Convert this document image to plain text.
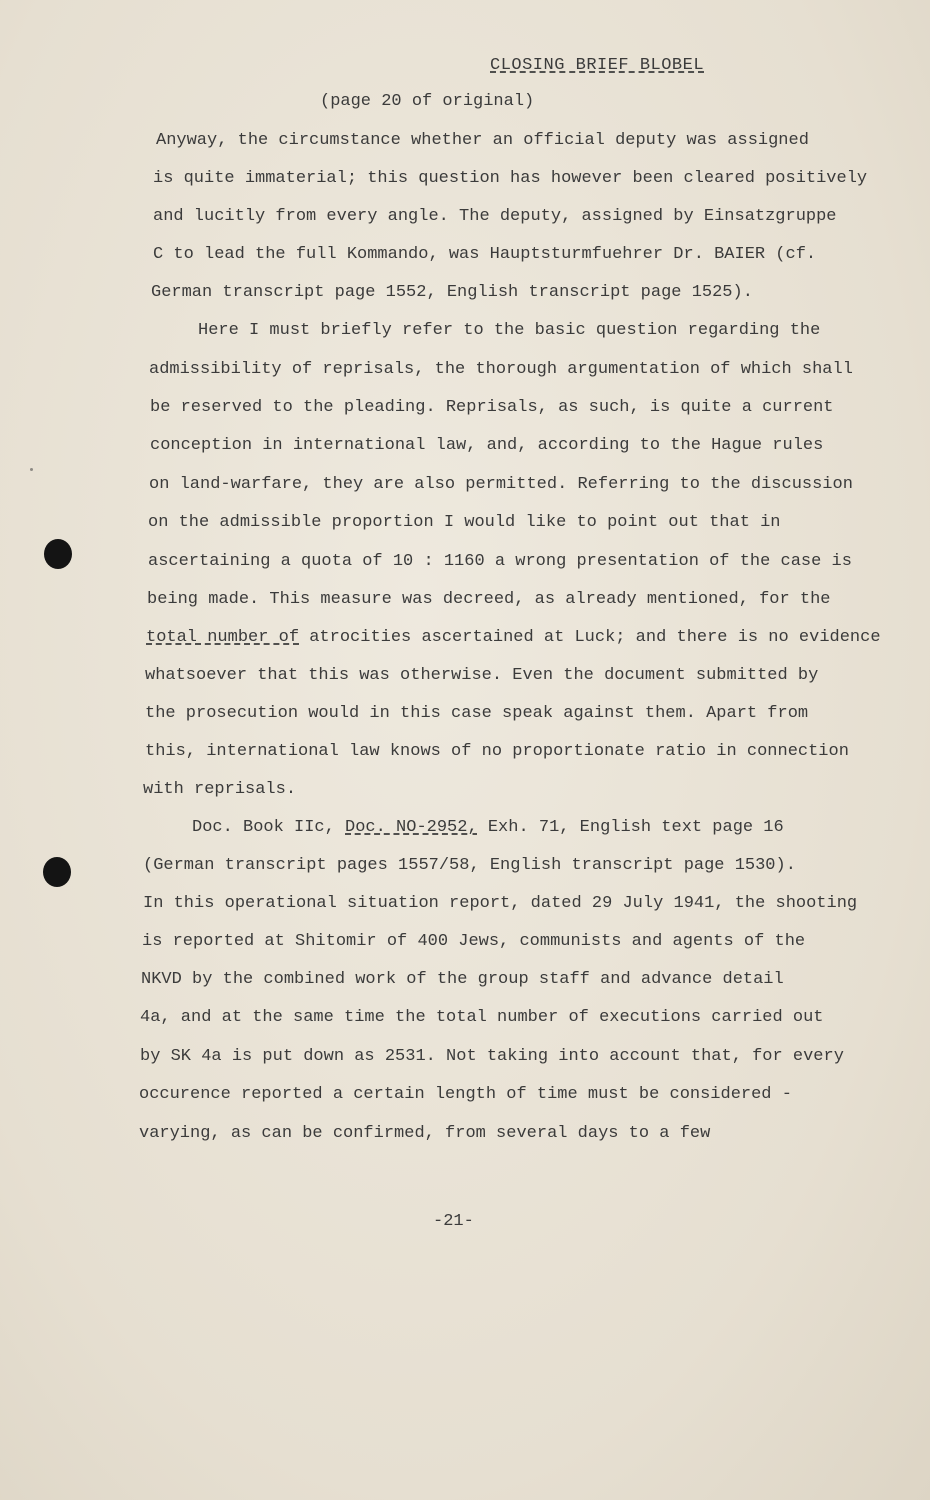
CLOSING BRIEF BLOBEL
(page 20 of original)
Anyway, the circumstance whether an official deputy was assigned
is quite immaterial; this question has however been cleared positively
and lucitly from every angle. The deputy, assigned by Einsatzgruppe
C to lead the full Kommando, was Hauptsturmfuehrer Dr. BAIER (cf.
German transcript page 1552, English transcript page 1525).
Here I must briefly refer to the basic question regarding the
admissibility of reprisals, the thorough argumentation of which shall
be reserved to the pleading. Reprisals, as such, is quite a current
conception in international law, and, according to the Hague rules
on land-warfare, they are also permitted. Referring to the discussion
on the admissible proportion I would like to point out that in
ascertaining a quota of 10 : 1160 a wrong presentation of the case is
being made. This measure was decreed, as already mentioned, for the
total number of atrocities ascertained at Luck; and there is no evidence
whatsoever that this was otherwise. Even the document submitted by
the prosecution would in this case speak against them. Apart from
this, international law knows of no proportionate ratio in connection
with reprisals.
Doc. Book IIc, Doc. NO-2952, Exh. 71, English text page 16
(German transcript pages 1557/58, English transcript page 1530).
In this operational situation report, dated 29 July 1941, the shooting
is reported at Shitomir of 400 Jews, communists and agents of the
NKVD by the combined work of the group staff and advance detail
4a, and at the same time the total number of executions carried out
by SK 4a is put down as 2531. Not taking into account that, for every
occurence reported a certain length of time must be considered -
varying, as can be confirmed, from several days to a few
-21-
